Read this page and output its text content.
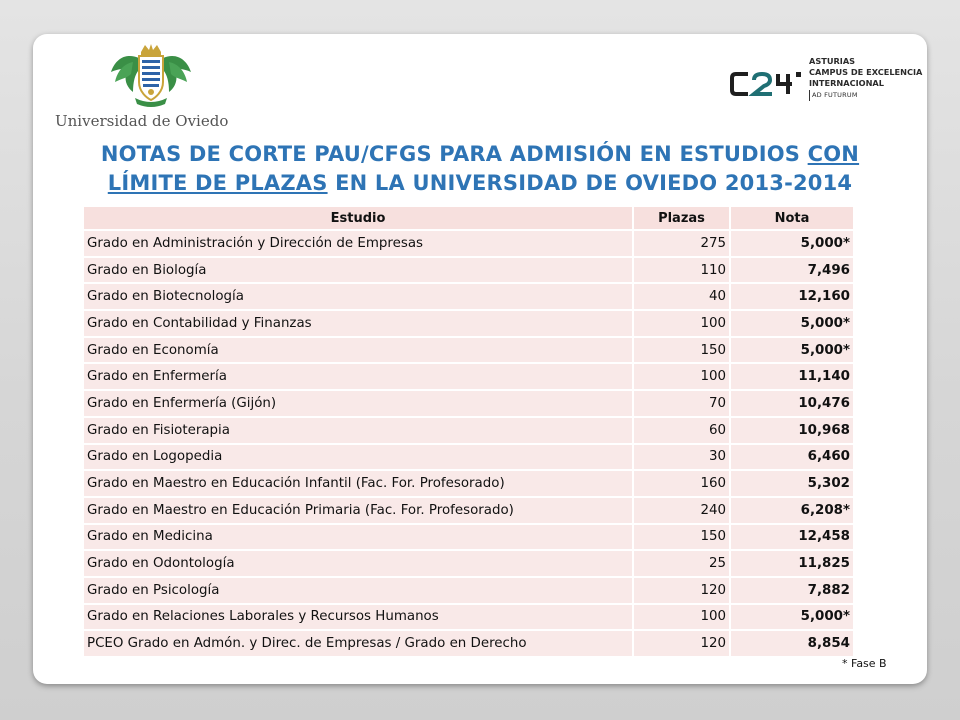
Universidad de Oviedo
ASTURIAS
CAMPUS DE EXCELENCIA
INTERNACIONAL
AD FUTURUM
NOTAS DE CORTE PAU/CFGS PARA ADMISIÓN EN ESTUDIOS CON
LÍMITE DE PLAZAS EN LA UNIVERSIDAD DE OVIEDO 2013-2014
Estudio	Plazas	Nota
Grado en Administración y Dirección de Empresas	275	5,000*
Grado en Biología	110	7,496
Grado en Biotecnología	40	12,160
Grado en Contabilidad y Finanzas	100	5,000*
Grado en Economía	150	5,000*
Grado en Enfermería	100	11,140
Grado en Enfermería (Gijón)	70	10,476
Grado en Fisioterapia	60	10,968
Grado en Logopedia	30	6,460
Grado en Maestro en Educación Infantil (Fac. For. Profesorado)	160	5,302
Grado en Maestro en Educación Primaria (Fac. For. Profesorado)	240	6,208*
Grado en Medicina	150	12,458
Grado en Odontología	25	11,825
Grado en Psicología	120	7,882
Grado en Relaciones Laborales y Recursos Humanos	100	5,000*
PCEO Grado en Admón. y Direc. de Empresas / Grado en Derecho	120	8,854
* Fase B
